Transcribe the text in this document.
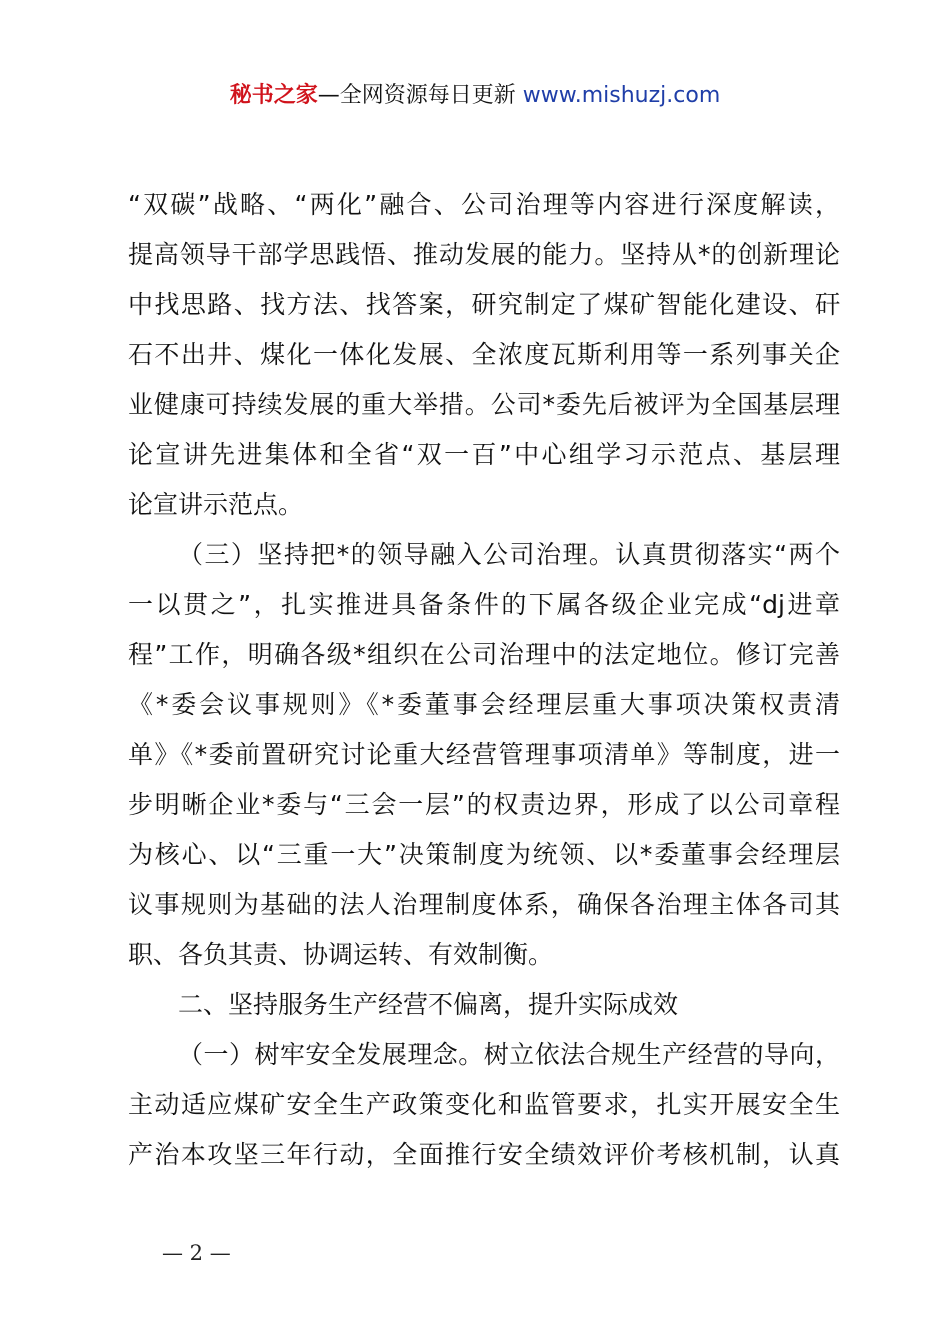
秘书之家—全网资源每日更新 www.mishuzj.com
“双碳”战略、“两化”融合、公司治理等内容进行深度解读，
提高领导干部学思践悟、推动发展的能力。坚持从*的创新理论
中找思路、找方法、找答案，研究制定了煤矿智能化建设、矸
石不出井、煤化一体化发展、全浓度瓦斯利用等一系列事关企
业健康可持续发展的重大举措。公司*委先后被评为全国基层理
论宣讲先进集体和全省“双一百”中心组学习示范点、基层理
论宣讲示范点。
（三）坚持把*的领导融入公司治理。认真贯彻落实“两个
一以贯之”，扎实推进具备条件的下属各级企业完成“dj进章
程”工作，明确各级*组织在公司治理中的法定地位。修订完善
《*委会议事规则》《*委董事会经理层重大事项决策权责清
单》《*委前置研究讨论重大经营管理事项清单》等制度，进一
步明晰企业*委与“三会一层”的权责边界，形成了以公司章程
为核心、以“三重一大”决策制度为统领、以*委董事会经理层
议事规则为基础的法人治理制度体系，确保各治理主体各司其
职、各负其责、协调运转、有效制衡。
二、坚持服务生产经营不偏离，提升实际成效
（一）树牢安全发展理念。树立依法合规生产经营的导向，
主动适应煤矿安全生产政策变化和监管要求，扎实开展安全生
产治本攻坚三年行动，全面推行安全绩效评价考核机制，认真
— 2 —
